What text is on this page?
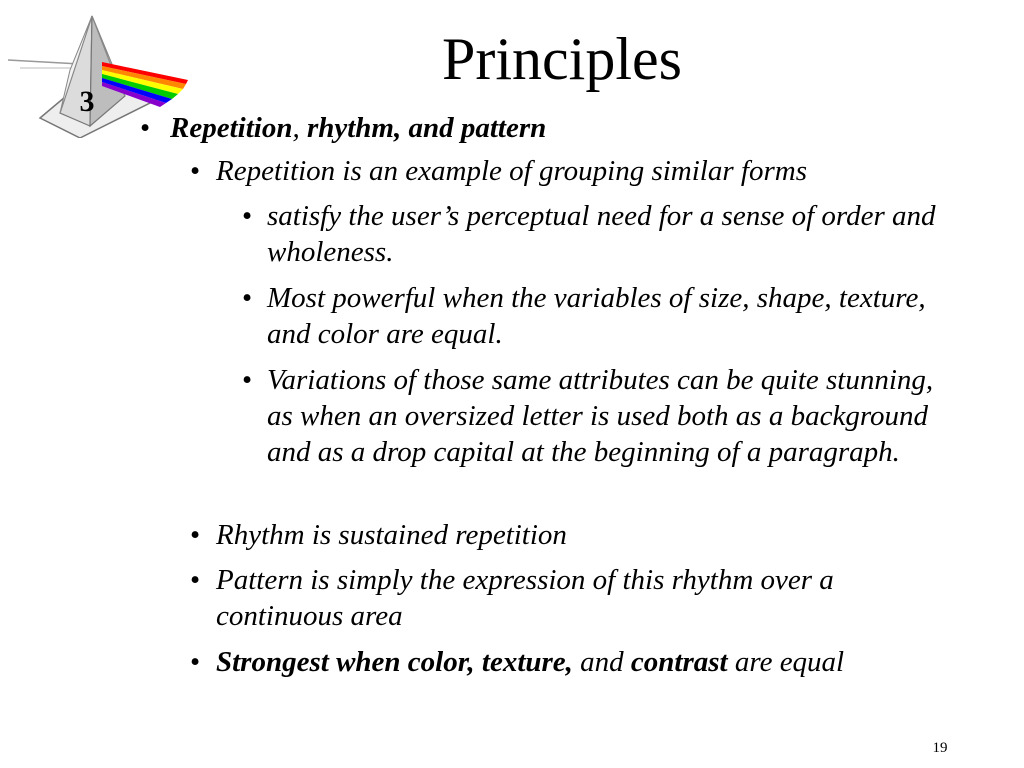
3
Principles
• Repetition, rhythm, and pattern
• Repetition is an example of grouping similar forms
• satisfy the user’s perceptual need for a sense of order and wholeness.
• Most powerful when the variables of size, shape, texture, and color are equal.
• Variations of those same attributes can be quite stunning, as when an oversized letter is used both as a background and as a drop capital at the beginning of a paragraph.
• Rhythm is sustained repetition
• Pattern is simply the expression of this rhythm over a continuous area
• Strongest when color, texture, and contrast are equal
19
